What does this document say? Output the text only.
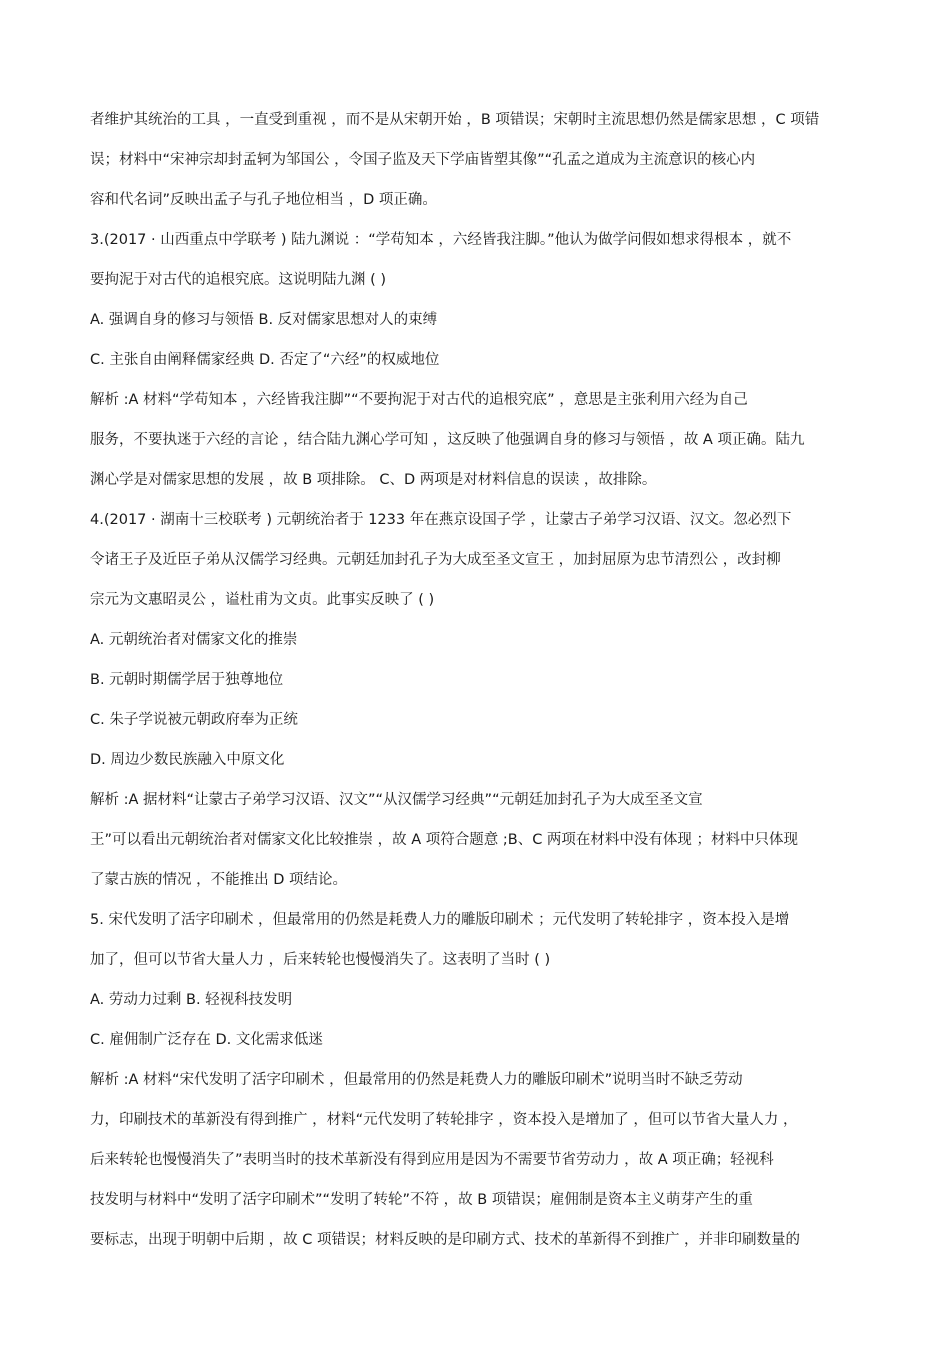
者维护其统治的工具 ，一直受到重视 ，而不是从宋朝开始 ，B 项错误；宋朝时主流思想仍然是儒家思想 ，C 项错
误；材料中“宋神宗却封孟轲为邹国公 ，令国子监及天下学庙皆塑其像”“孔孟之道成为主流意识的核心内
容和代名词”反映出孟子与孔子地位相当 ，D 项正确。
3.(2017 · 山西重点中学联考 ) 陆九渊说 ：“学苟知本 ，六经皆我注脚。”他认为做学问假如想求得根本 ，就不
要拘泥于对古代的追根究底。这说明陆九渊 ( )
A. 强调自身的修习与领悟 B. 反对儒家思想对人的束缚
C. 主张自由阐释儒家经典 D. 否定了“六经”的权威地位
解析 :A 材料“学苟知本 ，六经皆我注脚”“不要拘泥于对古代的追根究底” ，意思是主张利用六经为自己
服务，不要执迷于六经的言论 ，结合陆九渊心学可知 ，这反映了他强调自身的修习与领悟 ，故 A 项正确。陆九
渊心学是对儒家思想的发展 ，故 B 项排除。 C、D 两项是对材料信息的误读 ，故排除。
4.(2017 · 湖南十三校联考 ) 元朝统治者于 1233 年在燕京设国子学 ，让蒙古子弟学习汉语、汉文。忽必烈下
令诸王子及近臣子弟从汉儒学习经典。元朝廷加封孔子为大成至圣文宣王 ，加封屈原为忠节清烈公 ，改封柳
宗元为文惠昭灵公 ，谥杜甫为文贞。此事实反映了 ( )
A. 元朝统治者对儒家文化的推崇
B. 元朝时期儒学居于独尊地位
C. 朱子学说被元朝政府奉为正统
D. 周边少数民族融入中原文化
解析 :A 据材料“让蒙古子弟学习汉语、汉文”“从汉儒学习经典”“元朝廷加封孔子为大成至圣文宣
王”可以看出元朝统治者对儒家文化比较推崇 ，故 A 项符合题意 ;B、C 两项在材料中没有体现 ；材料中只体现
了蒙古族的情况 ，不能推出 D 项结论。
5. 宋代发明了活字印刷术 ，但最常用的仍然是耗费人力的雕版印刷术 ；元代发明了转轮排字 ，资本投入是增
加了，但可以节省大量人力 ，后来转轮也慢慢消失了。这表明了当时 ( )
A. 劳动力过剩 B. 轻视科技发明
C. 雇佣制广泛存在 D. 文化需求低迷
解析 :A 材料“宋代发明了活字印刷术 ，但最常用的仍然是耗费人力的雕版印刷术”说明当时不缺乏劳动
力，印刷技术的革新没有得到推广 ，材料“元代发明了转轮排字 ，资本投入是增加了 ，但可以节省大量人力 ，
后来转轮也慢慢消失了”表明当时的技术革新没有得到应用是因为不需要节省劳动力 ，故 A 项正确；轻视科
技发明与材料中“发明了活字印刷术”“发明了转轮”不符 ，故 B 项错误；雇佣制是资本主义萌芽产生的重
要标志，出现于明朝中后期 ，故 C 项错误；材料反映的是印刷方式、技术的革新得不到推广 ，并非印刷数量的
